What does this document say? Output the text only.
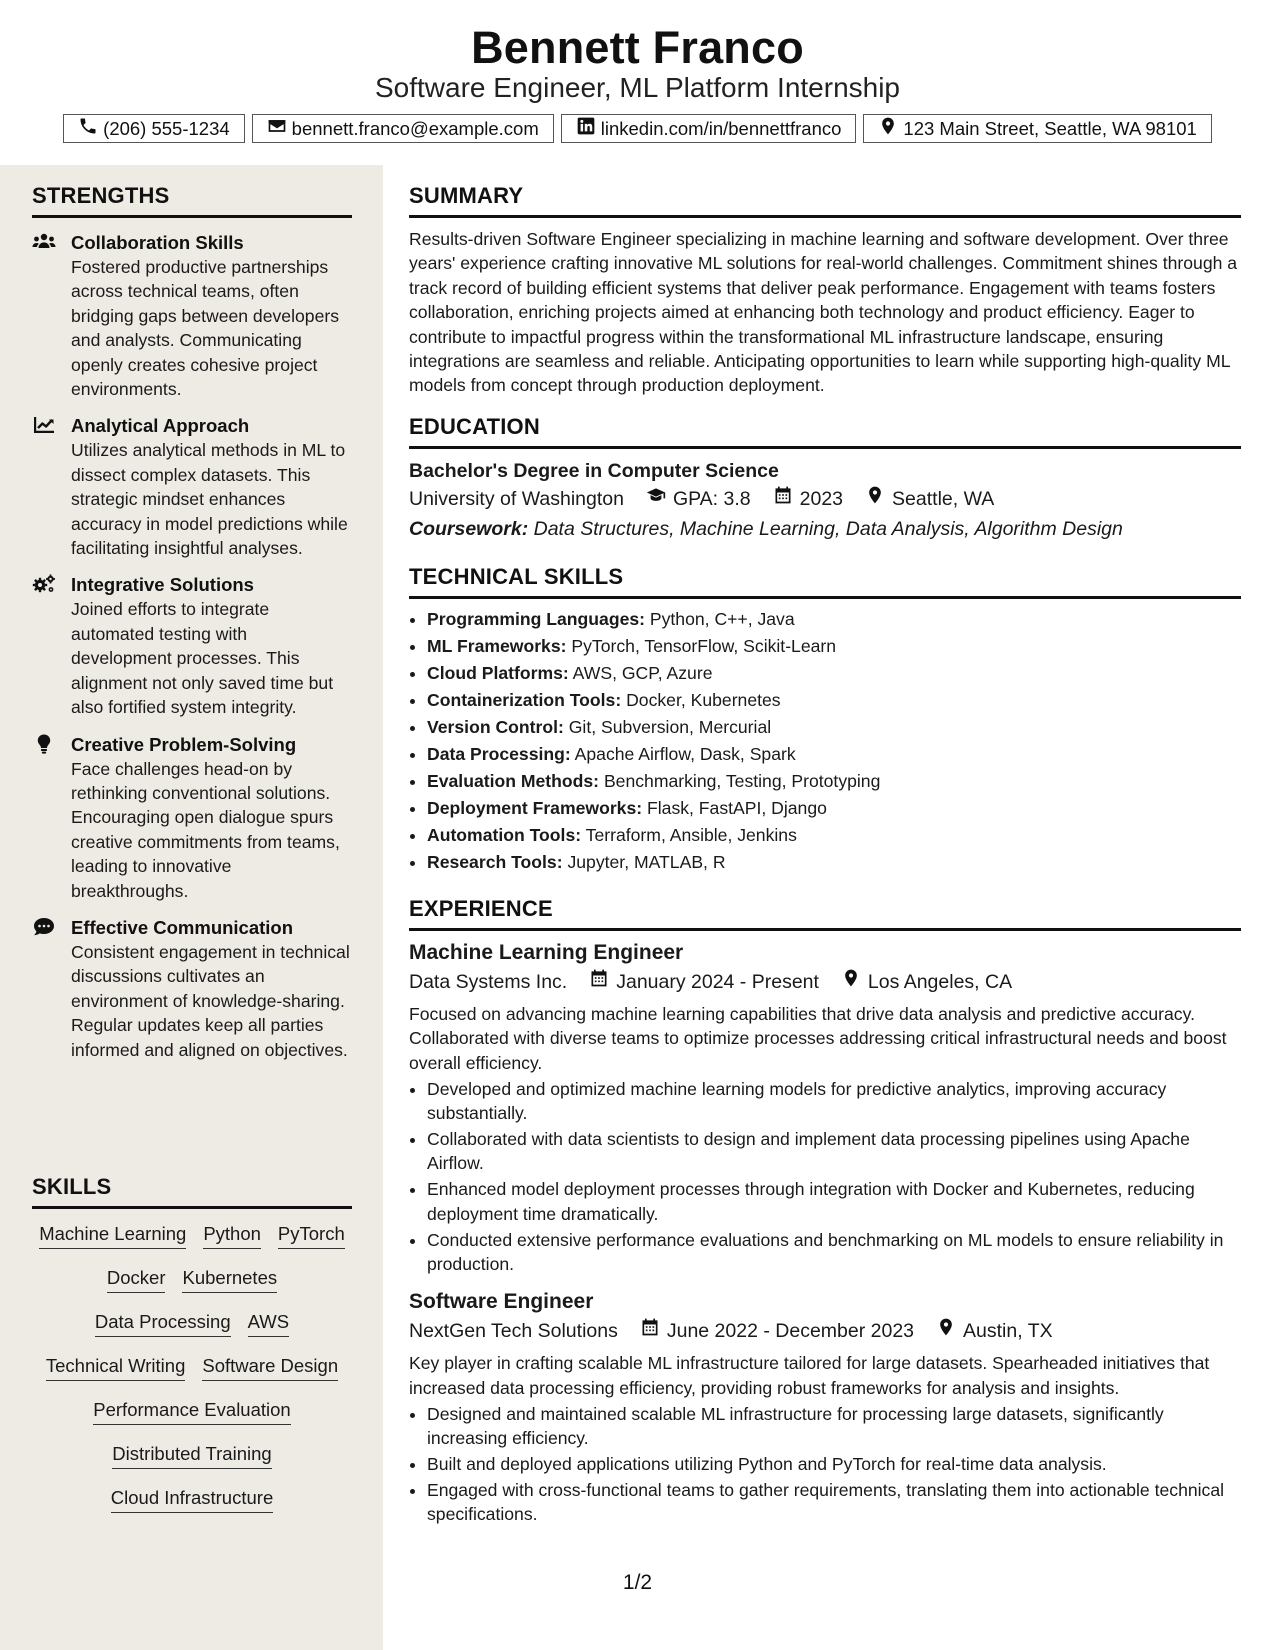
Bennett Franco
Software Engineer, ML Platform Internship
(206) 555-1234	bennett.franco@example.com	linkedin.com/in/bennettfranco	123 Main Street, Seattle, WA 98101
STRENGTHS
Collaboration Skills
Fostered productive partnerships across technical teams, often bridging gaps between developers and analysts. Communicating openly creates cohesive project environments.
Analytical Approach
Utilizes analytical methods in ML to dissect complex datasets. This strategic mindset enhances accuracy in model predictions while facilitating insightful analyses.
Integrative Solutions
Joined efforts to integrate automated testing with development processes. This alignment not only saved time but also fortified system integrity.
Creative Problem-Solving
Face challenges head-on by rethinking conventional solutions. Encouraging open dialogue spurs creative commitments from teams, leading to innovative breakthroughs.
Effective Communication
Consistent engagement in technical discussions cultivates an environment of knowledge-sharing. Regular updates keep all parties informed and aligned on objectives.
SKILLS
Machine Learning Python PyTorch
Docker Kubernetes
Data Processing AWS
Technical Writing Software Design
Performance Evaluation
Distributed Training
Cloud Infrastructure
SUMMARY
Results-driven Software Engineer specializing in machine learning and software development. Over three years' experience crafting innovative ML solutions for real-world challenges. Commitment shines through a track record of building efficient systems that deliver peak performance. Engagement with teams fosters collaboration, enriching projects aimed at enhancing both technology and product efficiency. Eager to contribute to impactful progress within the transformational ML infrastructure landscape, ensuring integrations are seamless and reliable. Anticipating opportunities to learn while supporting high-quality ML models from concept through production deployment.
EDUCATION
Bachelor's Degree in Computer Science
University of Washington	GPA: 3.8	2023	Seattle, WA
Coursework: Data Structures, Machine Learning, Data Analysis, Algorithm Design
TECHNICAL SKILLS
• Programming Languages: Python, C++, Java
• ML Frameworks: PyTorch, TensorFlow, Scikit-Learn
• Cloud Platforms: AWS, GCP, Azure
• Containerization Tools: Docker, Kubernetes
• Version Control: Git, Subversion, Mercurial
• Data Processing: Apache Airflow, Dask, Spark
• Evaluation Methods: Benchmarking, Testing, Prototyping
• Deployment Frameworks: Flask, FastAPI, Django
• Automation Tools: Terraform, Ansible, Jenkins
• Research Tools: Jupyter, MATLAB, R
EXPERIENCE
Machine Learning Engineer
Data Systems Inc.	January 2024 - Present	Los Angeles, CA
Focused on advancing machine learning capabilities that drive data analysis and predictive accuracy. Collaborated with diverse teams to optimize processes addressing critical infrastructural needs and boost overall efficiency.
• Developed and optimized machine learning models for predictive analytics, improving accuracy substantially.
• Collaborated with data scientists to design and implement data processing pipelines using Apache Airflow.
• Enhanced model deployment processes through integration with Docker and Kubernetes, reducing deployment time dramatically.
• Conducted extensive performance evaluations and benchmarking on ML models to ensure reliability in production.
Software Engineer
NextGen Tech Solutions	June 2022 - December 2023	Austin, TX
Key player in crafting scalable ML infrastructure tailored for large datasets. Spearheaded initiatives that increased data processing efficiency, providing robust frameworks for analysis and insights.
• Designed and maintained scalable ML infrastructure for processing large datasets, significantly increasing efficiency.
• Built and deployed applications utilizing Python and PyTorch for real-time data analysis.
• Engaged with cross-functional teams to gather requirements, translating them into actionable technical specifications.
1/2
